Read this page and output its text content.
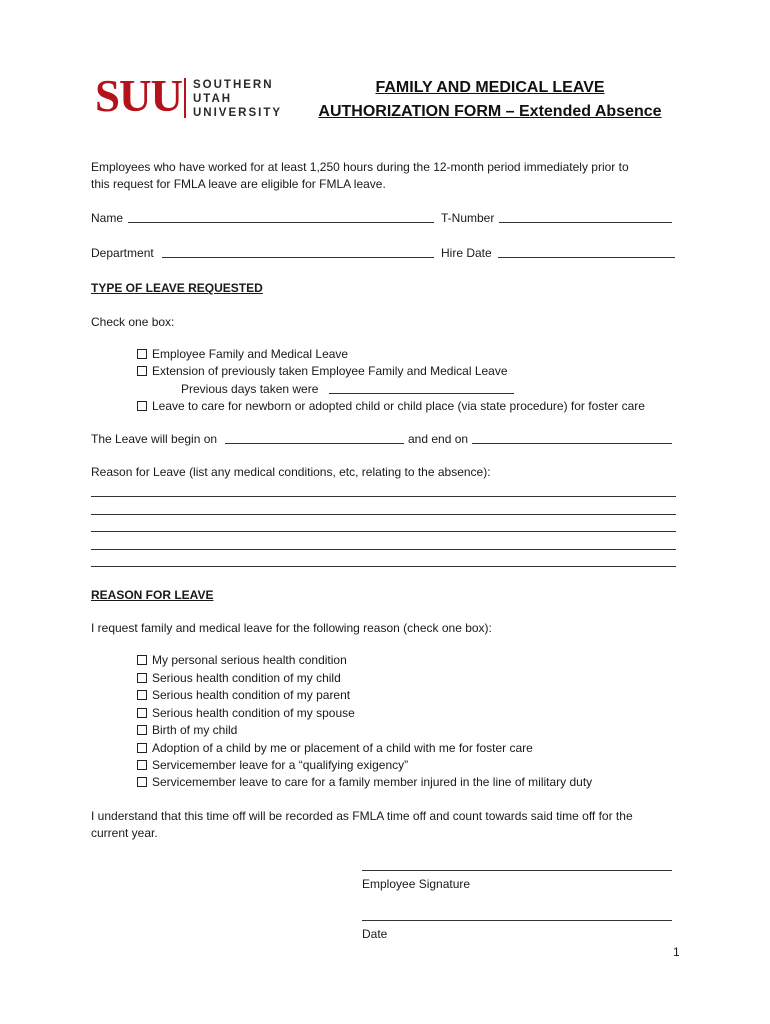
SUU SOUTHERN
UTAH
UNIVERSITY
FAMILY AND MEDICAL LEAVE
AUTHORIZATION FORM – Extended Absence
Employees who have worked for at least 1,250 hours during the 12-month period immediately prior to
this request for FMLA leave are eligible for FMLA leave.
Name	T-Number
Department	Hire Date
TYPE OF LEAVE REQUESTED
Check one box:
Employee Family and Medical Leave
Extension of previously taken Employee Family and Medical Leave
Previous days taken were
Leave to care for newborn or adopted child or child place (via state procedure) for foster care
The Leave will begin on	and end on
Reason for Leave (list any medical conditions, etc, relating to the absence):
REASON FOR LEAVE
I request family and medical leave for the following reason (check one box):
My personal serious health condition
Serious health condition of my child
Serious health condition of my parent
Serious health condition of my spouse
Birth of my child
Adoption of a child by me or placement of a child with me for foster care
Servicemember leave for a “qualifying exigency”
Servicemember leave to care for a family member injured in the line of military duty
I understand that this time off will be recorded as FMLA time off and count towards said time off for the
current year.
Employee Signature
Date
1
